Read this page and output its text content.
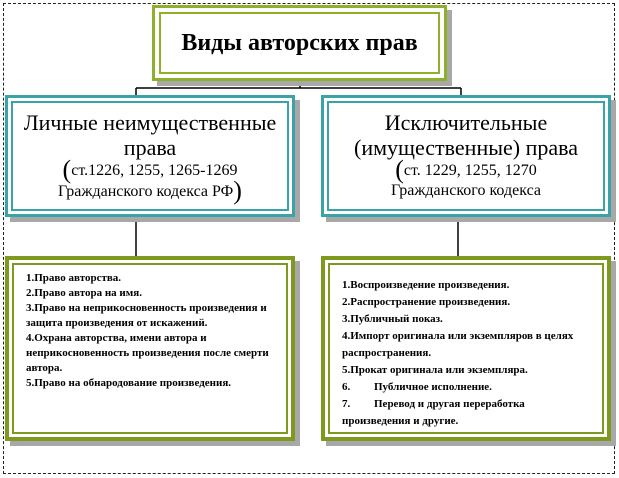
Виды авторских прав
Личные неимущественные права
(ст.1226, 1255, 1265-1269
Гражданского кодекса РФ)
Исключительные (имущественные) права
(ст. 1229, 1255, 1270
Гражданского кодекса

1.Право авторства.

2.Право автора на имя.

3.Право на неприкосновенность произведения и защита произведения от искажений.

4.Охрана авторства, имени автора и неприкосновенность произведения после смерти автора.

5.Право на обнародование произведения.

1.Воспроизведение произведения.

2.Распространение произведения.

3.Публичный показ.

4.Импорт оригинала или экземпляров в целях распространения.

5.Прокат оригинала или экземпляра.

6. Публичное исполнение.

7. Перевод и другая переработка произведения и другие.
